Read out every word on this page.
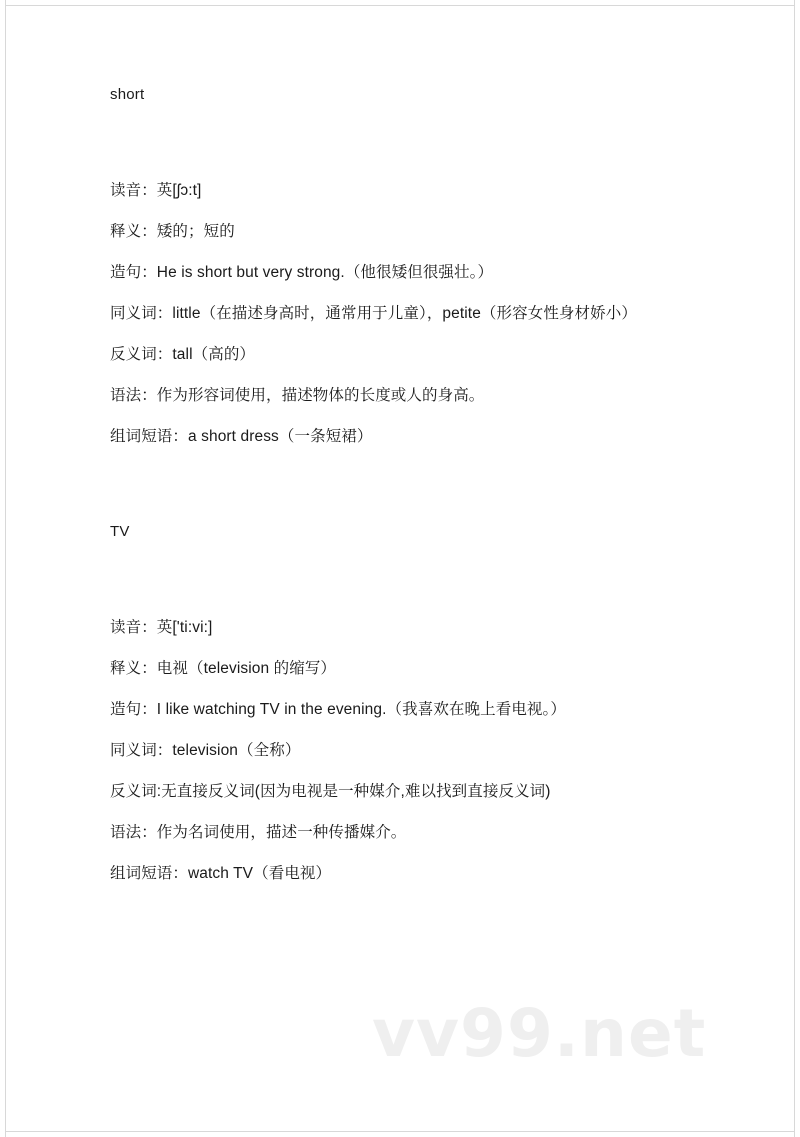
short
读音：英[ʃɔ:t]
释义：矮的；短的
造句：He is short but very strong.（他很矮但很强壮。）
同义词：little（在描述身高时，通常用于儿童），petite（形容女性身材娇小）
反义词：tall（高的）
语法：作为形容词使用，描述物体的长度或人的身高。
组词短语：a short dress（一条短裙）
TV
读音：英['ti:vi:]
释义：电视（television 的缩写）
造句：I like watching TV in the evening.（我喜欢在晚上看电视。）
同义词：television（全称）
反义词:无直接反义词(因为电视是一种媒介,难以找到直接反义词)
语法：作为名词使用，描述一种传播媒介。
组词短语：watch TV（看电视）
vv99.net
